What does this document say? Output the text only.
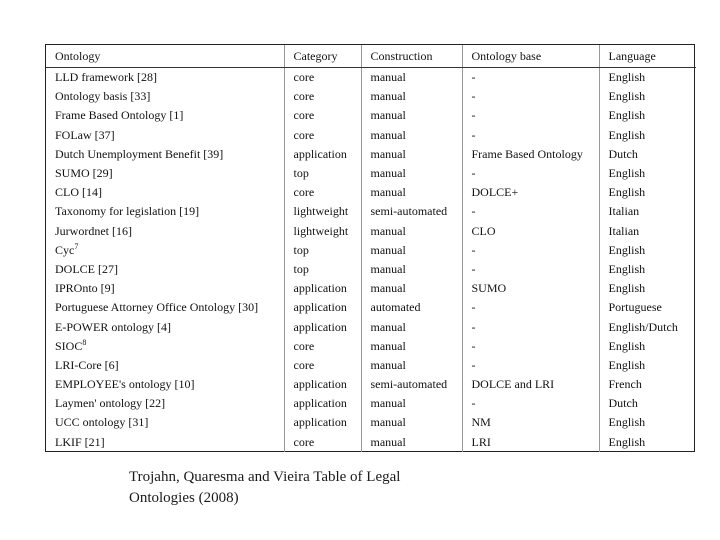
Ontology	Category	Construction	Ontology base	Language
LLD framework [28]	core	manual	-	English
Ontology basis [33]	core	manual	-	English
Frame Based Ontology [1]	core	manual	-	English
FOLaw [37]	core	manual	-	English
Dutch Unemployment Benefit [39]	application	manual	Frame Based Ontology	Dutch
SUMO [29]	top	manual	-	English
CLO [14]	core	manual	DOLCE+	English
Taxonomy for legislation [19]	lightweight	semi-automated	-	Italian
Jurwordnet [16]	lightweight	manual	CLO	Italian
Cyc$^7$	top	manual	-	English
DOLCE [27]	top	manual	-	English
IPROnto [9]	application	manual	SUMO	English
Portuguese Attorney Office Ontology [30]	application	automated	-	Portuguese
E-POWER ontology [4]	application	manual	-	English/Dutch
SIOC$^8$	core	manual	-	English
LRI-Core [6]	core	manual	-	English
EMPLOYEE's ontology [10]	application	semi-automated	DOLCE and LRI	French
Laymen' ontology [22]	application	manual	-	Dutch
UCC ontology [31]	application	manual	NM	English
LKIF [21]	core	manual	LRI	English
Trojahn, Quaresma and Vieira Table of Legal
Ontologies (2008)
